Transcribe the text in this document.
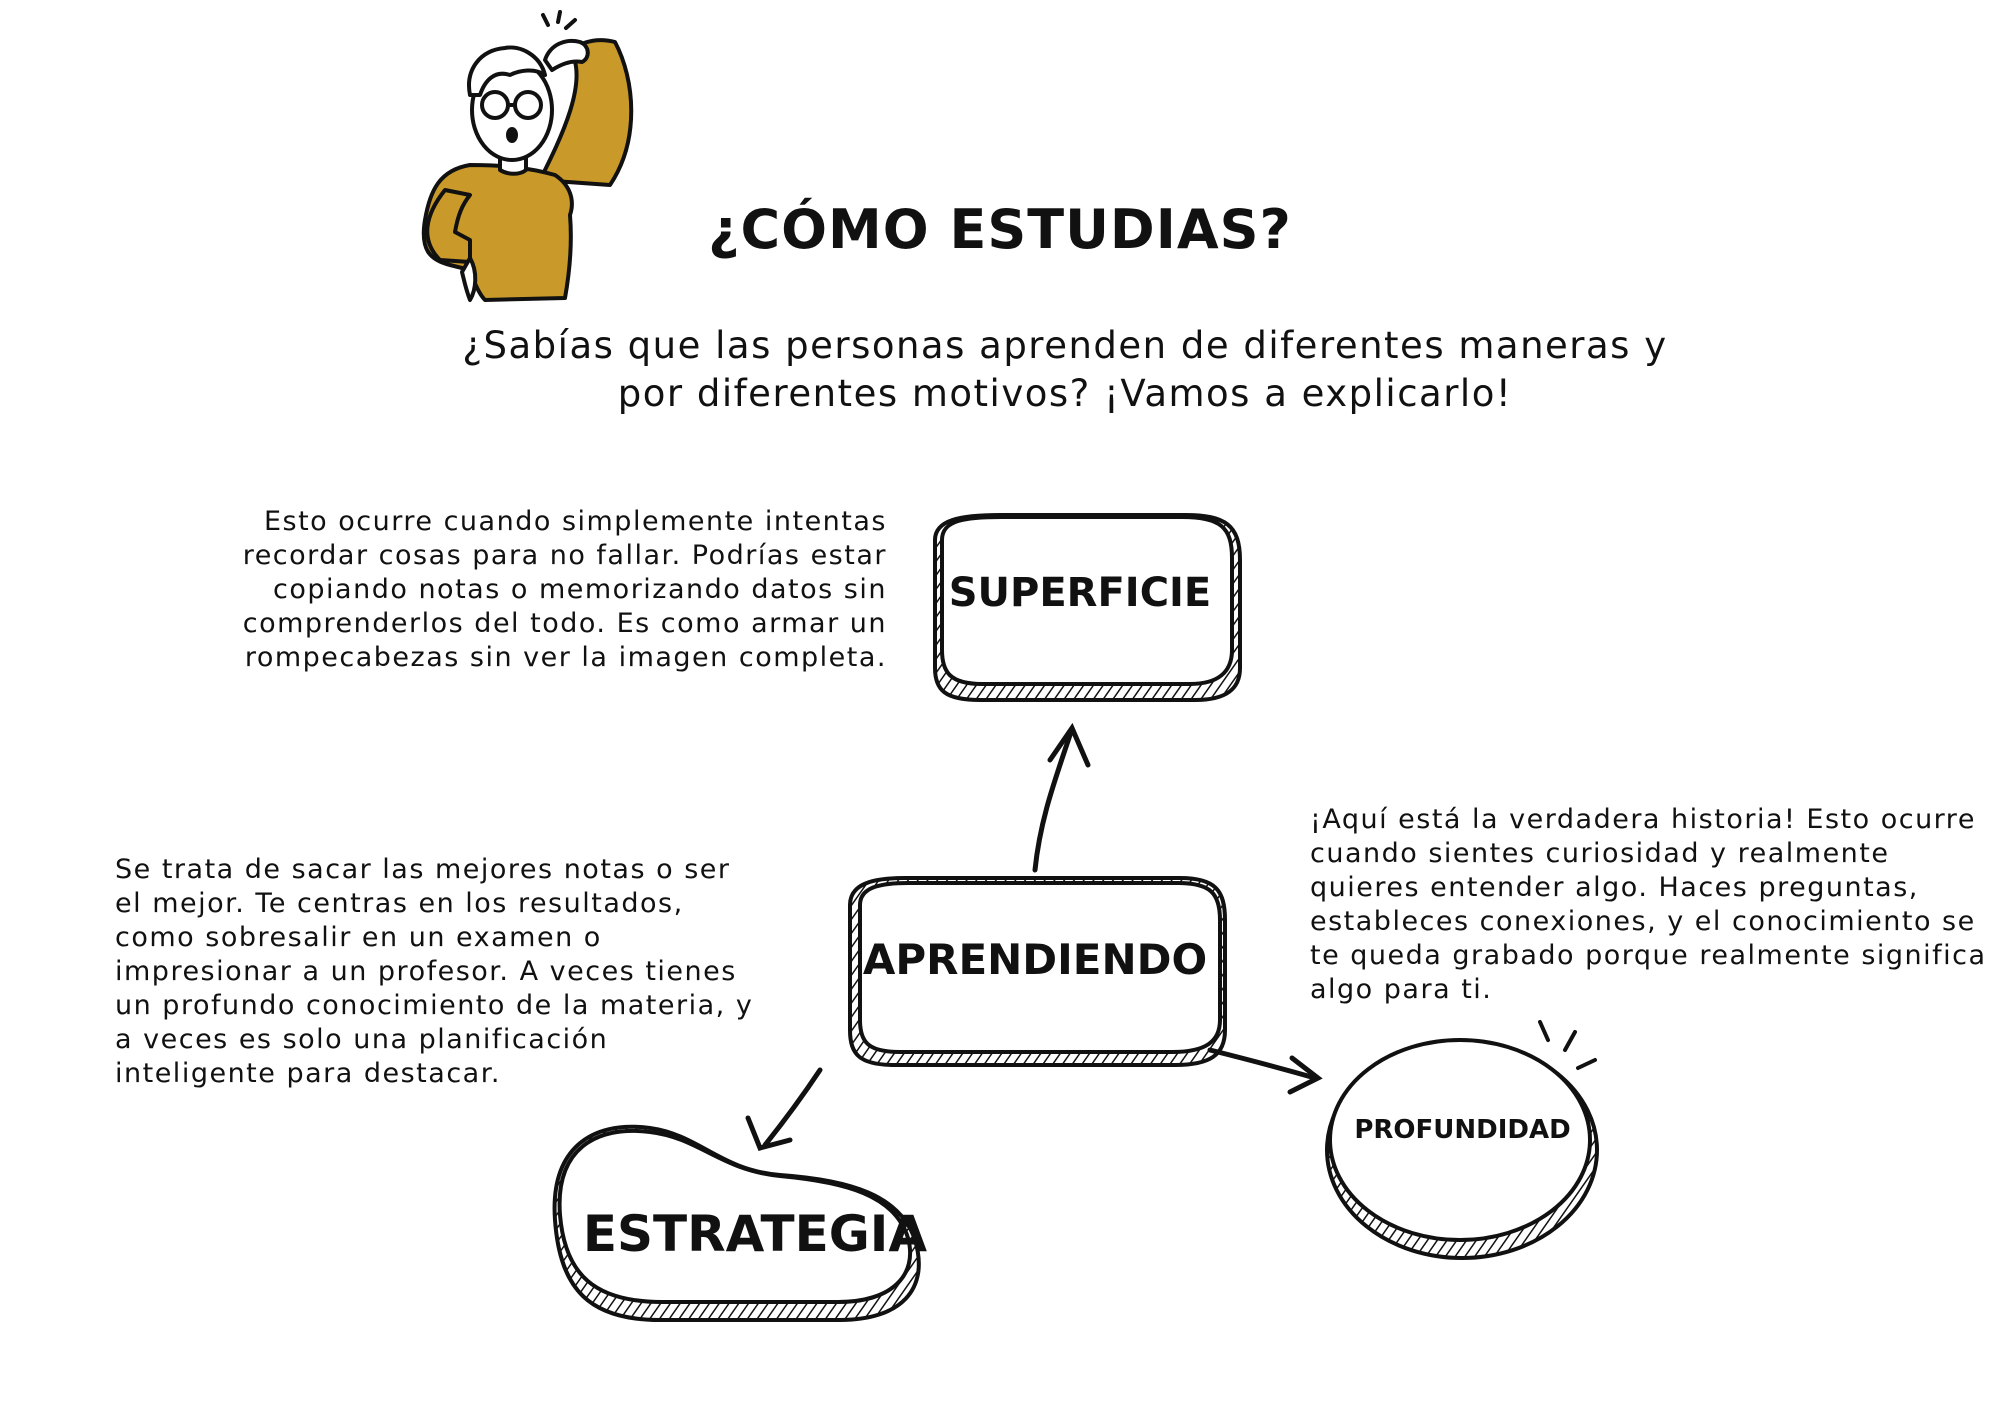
¿CÓMO ESTUDIAS?
¿Sabías que las personas aprenden de diferentes maneras y por diferentes motivos? ¡Vamos a explicarlo!
Esto ocurre cuando simplemente intentas recordar cosas para no fallar. Podrías estar copiando notas o memorizando datos sin comprenderlos del todo. Es como armar un rompecabezas sin ver la imagen completa.
Se trata de sacar las mejores notas o ser el mejor. Te centras en los resultados, como sobresalir en un examen o impresionar a un profesor. A veces tienes un profundo conocimiento de la materia, y a veces es solo una planificación inteligente para destacar.
¡Aquí está la verdadera historia! Esto ocurre cuando sientes curiosidad y realmente quieres entender algo. Haces preguntas, estableces conexiones, y el conocimiento se te queda grabado porque realmente significa algo para ti.
SUPERFICIE
APRENDIENDO
ESTRATEGIA
PROFUNDIDAD
